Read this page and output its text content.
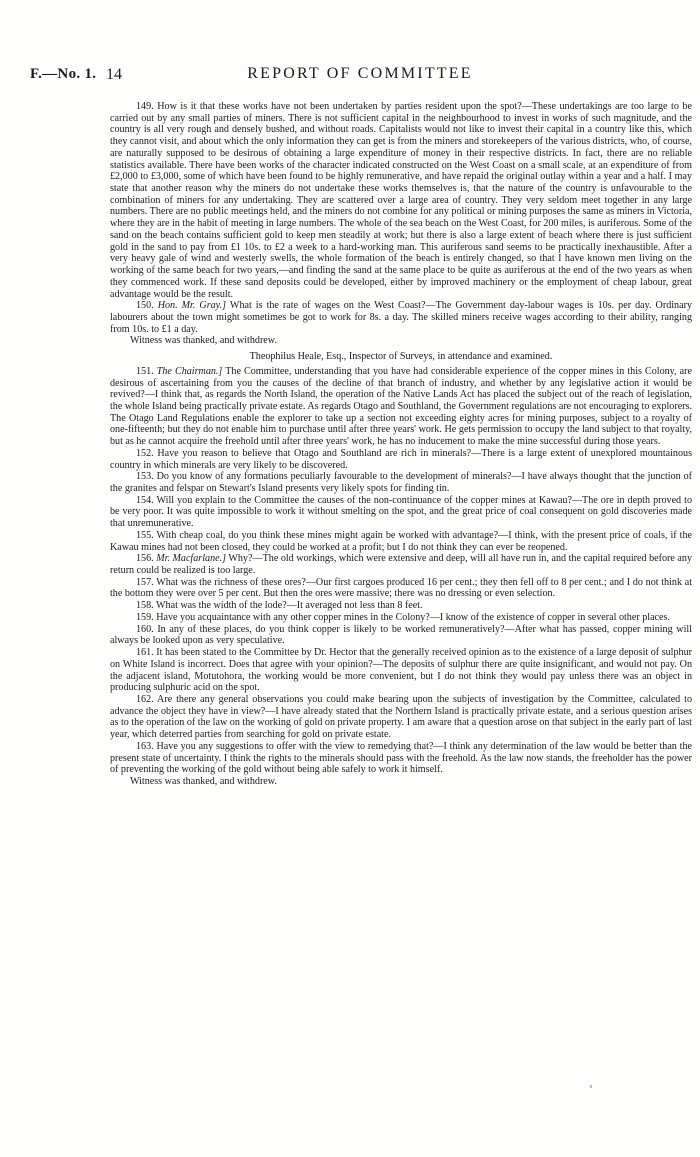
F.—No. 1. 14	REPORT OF COMMITTEE

149. How is it that these works have not been undertaken by parties resident upon the spot?—These undertakings are too large to be carried out by any small parties of miners. There is not sufficient capital in the neighbourhood to invest in works of such magnitude, and the country is all very rough and densely bushed, and without roads. Capitalists would not like to invest their capital in a country like this, which they cannot visit, and about which the only information they can get is from the miners and storekeepers of the various districts, who, of course, are naturally supposed to be desirous of obtaining a large expenditure of money in their respective districts. In fact, there are no reliable statistics available. There have been works of the character indicated constructed on the West Coast on a small scale, at an expenditure of from £2,000 to £3,000, some of which have been found to be highly remunerative, and have repaid the original outlay within a year and a half. I may state that another reason why the miners do not undertake these works themselves is, that the nature of the country is unfavourable to the combination of miners for any undertaking. They are scattered over a large area of country. They very seldom meet together in any large numbers. There are no public meetings held, and the miners do not combine for any political or mining purposes the same as miners in Victoria, where they are in the habit of meeting in large numbers. The whole of the sea beach on the West Coast, for 200 miles, is auriferous. Some of the sand on the beach contains sufficient gold to keep men steadily at work; but there is also a large extent of beach where there is just sufficient gold in the sand to pay from £1 10s. to £2 a week to a hard-working man. This auriferous sand seems to be practically inexhaustible. After a very heavy gale of wind and westerly swells, the whole formation of the beach is entirely changed, so that I have known men living on the working of the same beach for two years,—and finding the sand at the same place to be quite as auriferous at the end of the two years as when they commenced work. If these sand deposits could be developed, either by improved machinery or the employment of cheap labour, great advantage would be the result.

150. Hon. Mr. Gray.] What is the rate of wages on the West Coast?—The Government day-labour wages is 10s. per day. Ordinary labourers about the town might sometimes be got to work for 8s. a day. The skilled miners receive wages according to their ability, ranging from 10s. to £1 a day.

Witness was thanked, and withdrew.

Theophilus Heale, Esq., Inspector of Surveys, in attendance and examined.

151. The Chairman.] The Committee, understanding that you have had considerable experience of the copper mines in this Colony, are desirous of ascertaining from you the causes of the decline of that branch of industry, and whether by any legislative action it would be revived?—I think that, as regards the North Island, the operation of the Native Lands Act has placed the subject out of the reach of legislation, the whole Island being practically private estate. As regards Otago and Southland, the Government regulations are not encouraging to explorers. The Otago Land Regulations enable the explorer to take up a section not exceeding eighty acres for mining purposes, subject to a royalty of one-fifteenth; but they do not enable him to purchase until after three years' work. He gets permission to occupy the land subject to that royalty, but as he cannot acquire the freehold until after three years' work, he has no inducement to make the mine successful during those years.

152. Have you reason to believe that Otago and Southland are rich in minerals?—There is a large extent of unexplored mountainous country in which minerals are very likely to be discovered.

153. Do you know of any formations peculiarly favourable to the development of minerals?—I have always thought that the junction of the granites and felspar on Stewart's Island presents very likely spots for finding tin.

154. Will you explain to the Committee the causes of the non-continuance of the copper mines at Kawau?—The ore in depth proved to be very poor. It was quite impossible to work it without smelting on the spot, and the great price of coal consequent on gold discoveries made that unremunerative.

155. With cheap coal, do you think these mines might again be worked with advantage?—I think, with the present price of coals, if the Kawau mines had not been closed, they could be worked at a profit; but I do not think they can ever be reopened.

156. Mr. Macfarlane.] Why?—The old workings, which were extensive and deep, will all have run in, and the capital required before any return could be realized is too large.

157. What was the richness of these ores?—Our first cargoes produced 16 per cent.; they then fell off to 8 per cent.; and I do not think at the bottom they were over 5 per cent. But then the ores were massive; there was no dressing or even selection.

158. What was the width of the lode?—It averaged not less than 8 feet.

159. Have you acquaintance with any other copper mines in the Colony?—I know of the existence of copper in several other places.

160. In any of these places, do you think copper is likely to be worked remuneratively?—After what has passed, copper mining will always be looked upon as very speculative.

161. It has been stated to the Committee by Dr. Hector that the generally received opinion as to the existence of a large deposit of sulphur on White Island is incorrect. Does that agree with your opinion?—The deposits of sulphur there are quite insignificant, and would not pay. On the adjacent island, Motutohora, the working would be more convenient, but I do not think they would pay unless there was an object in producing sulphuric acid on the spot.

162. Are there any general observations you could make bearing upon the subjects of investigation by the Committee, calculated to advance the object they have in view?—I have already stated that the Northern Island is practically private estate, and a serious question arises as to the operation of the law on the working of gold on private property. I am aware that a question arose on that subject in the early part of last year, which deterred parties from searching for gold on private estate.

163. Have you any suggestions to offer with the view to remedying that?—I think any determination of the law would be better than the present state of uncertainty. I think the rights to the minerals should pass with the freehold. As the law now stands, the freeholder has the power of preventing the working of the gold without being able safely to work it himself.

Witness was thanked, and withdrew.
